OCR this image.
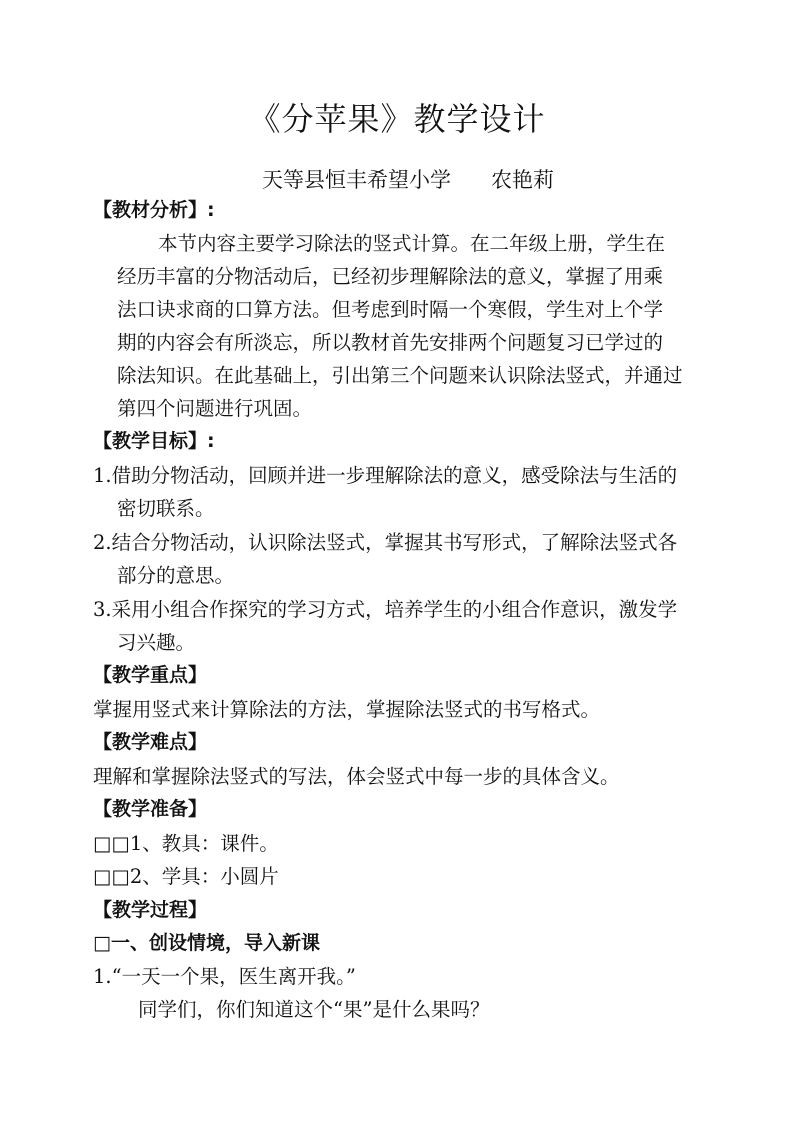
《分苹果》教学设计
天等县恒丰希望小学      农艳莉
【教材分析】:
本节内容主要学习除法的竖式计算。在二年级上册，学生在
经历丰富的分物活动后，已经初步理解除法的意义，掌握了用乘
法口诀求商的口算方法。但考虑到时隔一个寒假，学生对上个学
期的内容会有所淡忘，所以教材首先安排两个问题复习已学过的
除法知识。在此基础上，引出第三个问题来认识除法竖式，并通过
第四个问题进行巩固。
【教学目标】:
1.借助分物活动，回顾并进一步理解除法的意义，感受除法与生活的
密切联系。
2.结合分物活动，认识除法竖式，掌握其书写形式，了解除法竖式各
部分的意思。
3.采用小组合作探究的学习方式，培养学生的小组合作意识，激发学
习兴趣。
【教学重点】
掌握用竖式来计算除法的方法，掌握除法竖式的书写格式。
【教学难点】
理解和掌握除法竖式的写法，体会竖式中每一步的具体含义。
【教学准备】
□□1、教具：课件。
□□2、学具：小圆片
【教学过程】
□一、创设情境，导入新课
1.“一天一个果，医生离开我。”
同学们，你们知道这个“果”是什么果吗？
